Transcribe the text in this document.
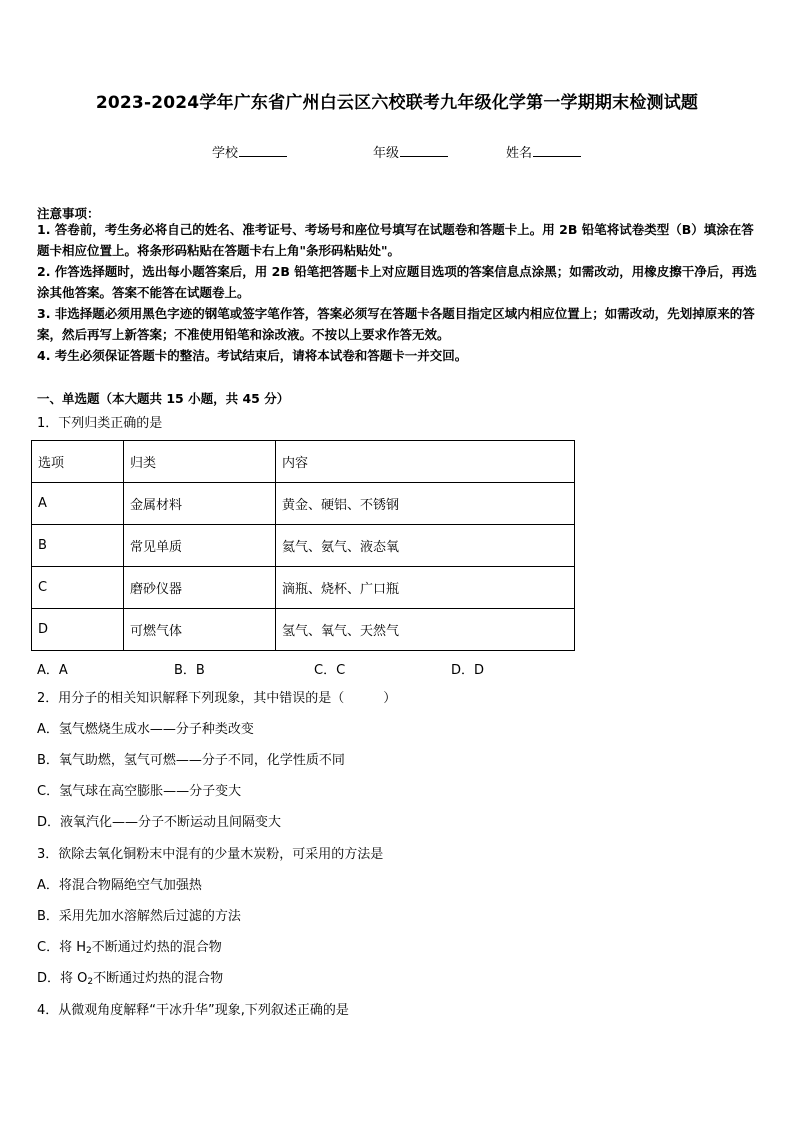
2023-2024学年广东省广州白云区六校联考九年级化学第一学期期末检测试题
学校	年级	姓名
注意事项：
1. 答卷前，考生务必将自己的姓名、准考证号、考场号和座位号填写在试题卷和答题卡上。用 2B 铅笔将试卷类型（B）填涂在答题卡相应位置上。将条形码粘贴在答题卡右上角"条形码粘贴处"。
2. 作答选择题时，选出每小题答案后，用 2B 铅笔把答题卡上对应题目选项的答案信息点涂黑；如需改动，用橡皮擦干净后，再选涂其他答案。答案不能答在试题卷上。
3. 非选择题必须用黑色字迹的钢笔或签字笔作答，答案必须写在答题卡各题目指定区域内相应位置上；如需改动，先划掉原来的答案，然后再写上新答案；不准使用铅笔和涂改液。不按以上要求作答无效。
4. 考生必须保证答题卡的整洁。考试结束后，请将本试卷和答题卡一并交回。
一、单选题（本大题共 15 小题，共 45 分）
1．下列归类正确的是
选项	归类	内容
A	金属材料	黄金、硬铝、不锈钢
B	常见单质	氦气、氨气、液态氧
C	磨砂仪器	滴瓶、烧杯、广口瓶
D	可燃气体	氢气、氧气、天然气
A．A	B．B	C．C	D．D
2．用分子的相关知识解释下列现象，其中错误的是（　　　）
A．氢气燃烧生成水——分子种类改变
B．氧气助燃，氢气可燃——分子不同，化学性质不同
C．氢气球在高空膨胀——分子变大
D．液氧汽化——分子不断运动且间隔变大
3．欲除去氧化铜粉末中混有的少量木炭粉，可采用的方法是
A．将混合物隔绝空气加强热
B．采用先加水溶解然后过滤的方法
C．将 $H_2$不断通过灼热的混合物
D．将 $O_2$不断通过灼热的混合物
4．从微观角度解释“干冰升华”现象,下列叙述正确的是
